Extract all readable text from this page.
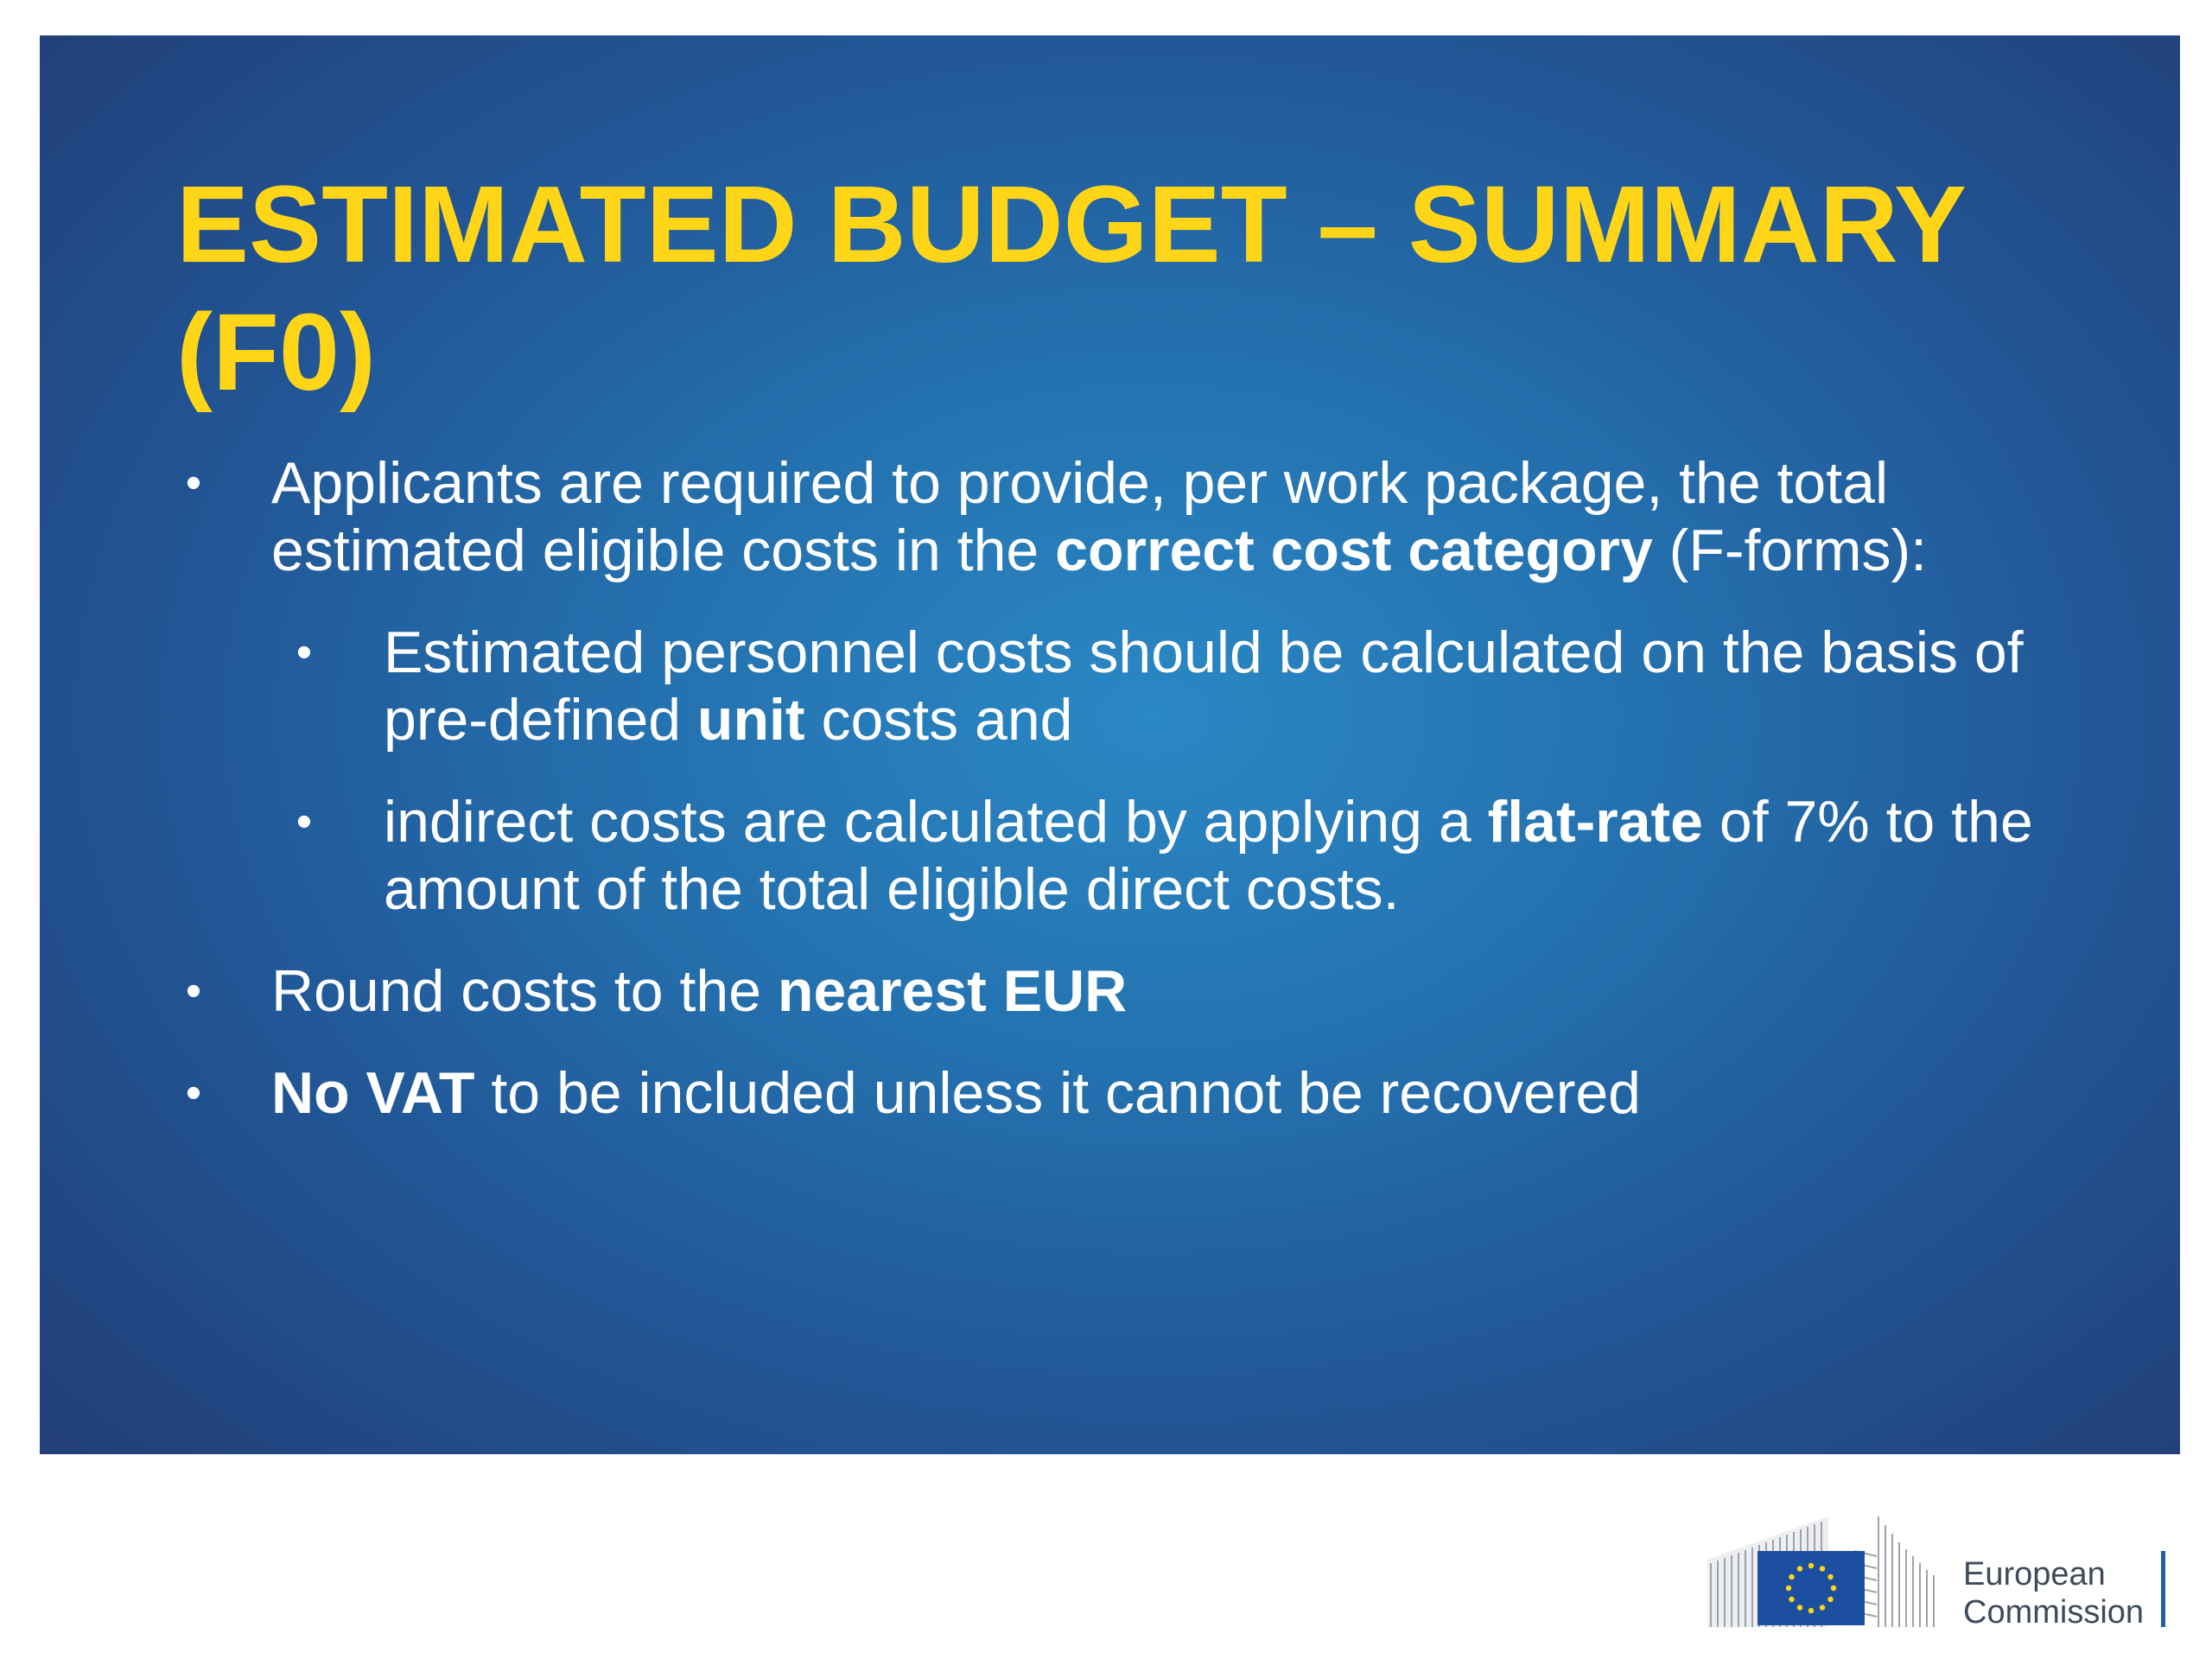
ESTIMATED BUDGET – SUMMARY
(F0)
• Applicants are required to provide, per work package, the total estimated eligible costs in the correct cost category (F-forms):
• Estimated personnel costs should be calculated on the basis of pre-defined unit costs and
• indirect costs are calculated by applying a flat-rate of 7% to the amount of the total eligible direct costs.
• Round costs to the nearest EUR
• No VAT to be included unless it cannot be recovered
European
Commission
